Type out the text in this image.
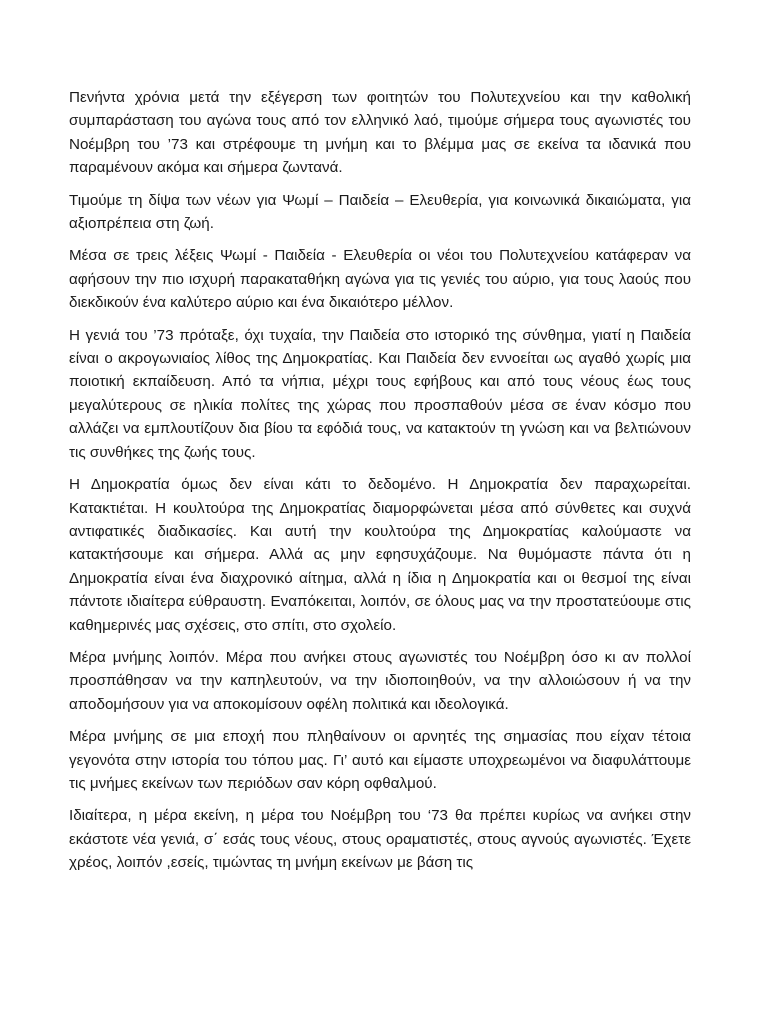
Πενήντα χρόνια μετά την εξέγερση των φοιτητών του Πολυτεχνείου και την καθολική συμπαράσταση του αγώνα τους από τον ελληνικό λαό, τιμούμε σήμερα τους αγωνιστές του Νοέμβρη του ’73 και στρέφουμε τη μνήμη και το βλέμμα μας σε εκείνα τα ιδανικά που παραμένουν ακόμα και σήμερα ζωντανά.

Τιμούμε τη δίψα των νέων για Ψωμί – Παιδεία – Ελευθερία, για κοινωνικά δικαιώματα, για αξιοπρέπεια στη ζωή.

Μέσα σε τρεις λέξεις Ψωμί - Παιδεία - Ελευθερία οι νέοι του Πολυτεχνείου κατάφεραν να αφήσουν την πιο ισχυρή παρακαταθήκη αγώνα για τις γενιές του αύριο, για τους λαούς που διεκδικούν ένα καλύτερο αύριο και ένα δικαιότερο μέλλον.

Η γενιά του ’73 πρόταξε, όχι τυχαία, την Παιδεία στο ιστορικό της σύνθημα, γιατί η Παιδεία είναι ο ακρογωνιαίος λίθος της Δημοκρατίας. Και Παιδεία δεν εννοείται ως αγαθό χωρίς μια ποιοτική εκπαίδευση. Από τα νήπια, μέχρι τους εφήβους και από τους νέους έως τους μεγαλύτερους σε ηλικία πολίτες της χώρας που προσπαθούν μέσα σε έναν κόσμο που αλλάζει να εμπλουτίζουν δια βίου τα εφόδιά τους, να κατακτούν τη γνώση και να βελτιώνουν τις συνθήκες της ζωής τους.

Η Δημοκρατία όμως δεν είναι κάτι το δεδομένο. Η Δημοκρατία δεν παραχωρείται. Κατακτιέται. Η κουλτούρα της Δημοκρατίας διαμορφώνεται μέσα από σύνθετες και συχνά αντιφατικές διαδικασίες. Και αυτή την κουλτούρα της Δημοκρατίας καλούμαστε να κατακτήσουμε και σήμερα. Αλλά ας μην εφησυχάζουμε. Να θυμόμαστε πάντα ότι η Δημοκρατία είναι ένα διαχρονικό αίτημα, αλλά η ίδια η Δημοκρατία και οι θεσμοί της είναι πάντοτε ιδιαίτερα εύθραυστη. Εναπόκειται, λοιπόν, σε όλους μας να την προστατεύουμε στις καθημερινές μας σχέσεις, στο σπίτι, στο σχολείο.

Μέρα μνήμης λοιπόν. Μέρα που ανήκει στους αγωνιστές του Νοέμβρη όσο κι αν πολλοί προσπάθησαν να την καπηλευτούν, να την ιδιοποιηθούν, να την αλλοιώσουν ή να την αποδομήσουν για να αποκομίσουν οφέλη πολιτικά και ιδεολογικά.

Μέρα μνήμης σε μια εποχή που πληθαίνουν οι αρνητές της σημασίας που είχαν τέτοια γεγονότα στην ιστορία του τόπου μας. Γι’ αυτό και είμαστε υποχρεωμένοι να διαφυλάττουμε τις μνήμες εκείνων των περιόδων σαν κόρη οφθαλμού.

Ιδιαίτερα, η μέρα εκείνη, η μέρα του Νοέμβρη του ‘73 θα πρέπει κυρίως να ανήκει στην εκάστοτε νέα γενιά, σ΄ εσάς τους νέους, στους οραματιστές, στους αγνούς αγωνιστές. Έχετε χρέος, λοιπόν ,εσείς, τιμώντας τη μνήμη εκείνων με βάση τις
